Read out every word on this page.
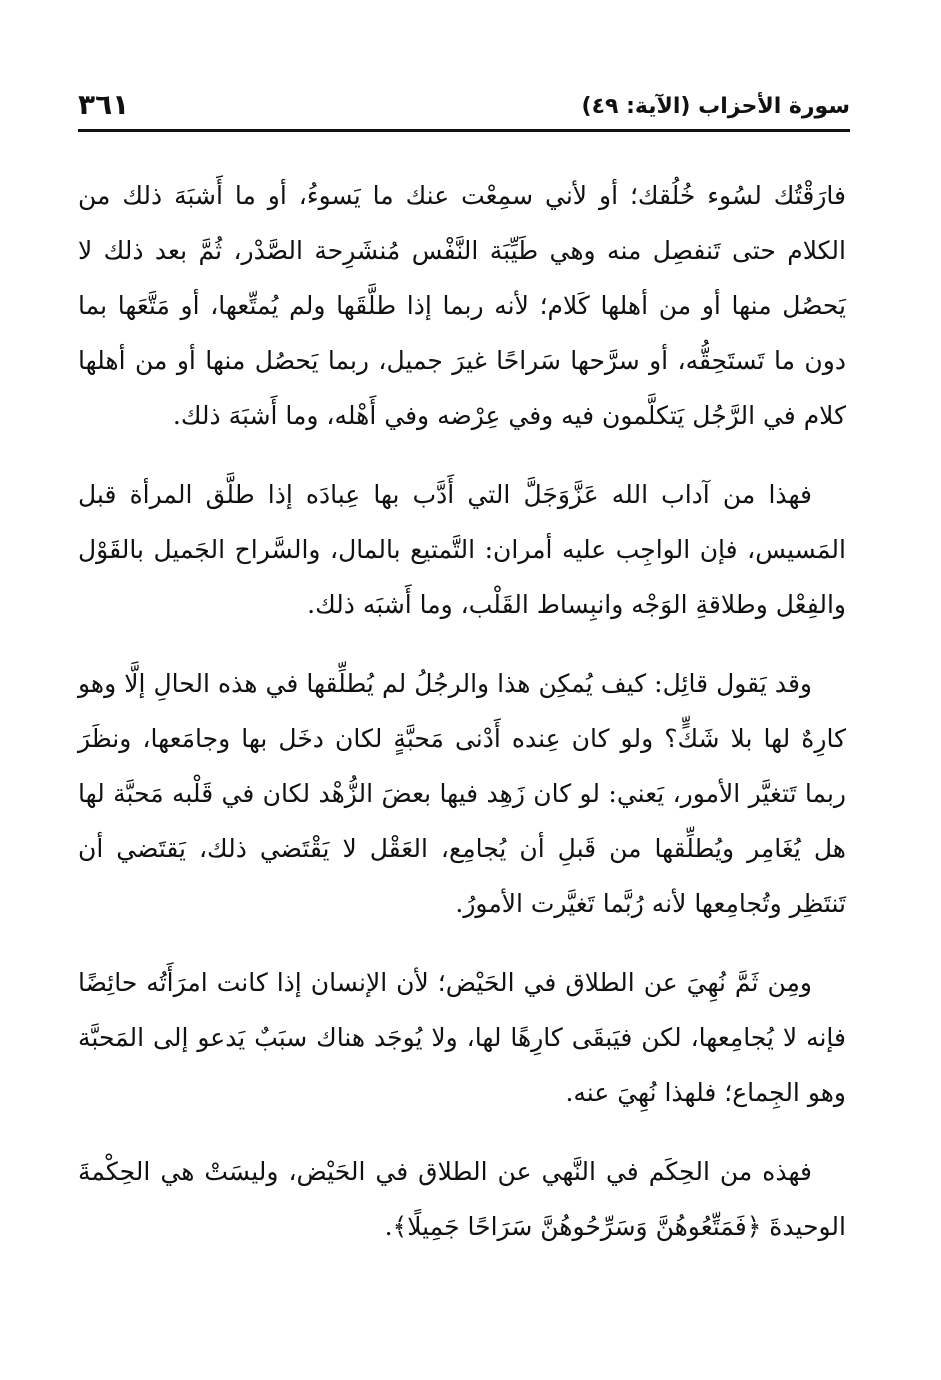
سورة الأحزاب (الآية: ٤٩)
٣٦١

فارَقْتُك لسُوء خُلُقك؛ أو لأني سمِعْت عنك ما يَسوءُ، أو ما أَشبَهَ ذلك من الكلام حتى تَنفصِل منه وهي طَيِّبَة النَّفْس مُنشَرِحة الصَّدْر، ثُمَّ بعد ذلك لا يَحصُل منها أو من أهلها كَلام؛ لأنه ربما إذا طلَّقَها ولم يُمتِّعها، أو مَتَّعَها بما دون ما تَستَحِقُّه، أو سرَّحها سَراحًا غيرَ جميل، ربما يَحصُل منها أو من أهلها كلام في الرَّجُل يَتكلَّمون فيه وفي عِرْضه وفي أَهْله، وما أَشبَهَ ذلك.

فهذا من آداب الله عَزَّوَجَلَّ التي أَدَّب بها عِبادَه إذا طلَّق المرأة قبل المَسيس، فإن الواجِب عليه أمران: التَّمتيع بالمال، والسَّراح الجَميل بالقَوْل والفِعْل وطلاقةِ الوَجْه وانبِساط القَلْب، وما أَشبَه ذلك.

وقد يَقول قائِل: كيف يُمكِن هذا والرجُلُ لم يُطلِّقها في هذه الحالِ إلَّا وهو كارِهٌ لها بلا شَكٍّ؟ ولو كان عِنده أَدْنى مَحبَّةٍ لكان دخَل بها وجامَعها، ونظَرَ ربما تَتغيَّر الأمور، يَعني: لو كان زَهِد فيها بعضَ الزُّهْد لكان في قَلْبه مَحبَّة لها هل يُغَامِر ويُطلِّقها من قَبلِ أن يُجامِع، العَقْل لا يَقْتَضي ذلك، يَقتَضي أن تَنتَظِر وتُجامِعها لأنه رُبَّما تَغيَّرت الأمورُ.

ومِن ثَمَّ نُهِيَ عن الطلاق في الحَيْض؛ لأن الإنسان إذا كانت امرَأَتُه حائِضًا فإنه لا يُجامِعها، لكن فيَبقَى كارِهًا لها، ولا يُوجَد هناك سبَبٌ يَدعو إلى المَحبَّة وهو الجِماع؛ فلهذا نُهِيَ عنه.

فهذه من الحِكَم في النَّهي عن الطلاق في الحَيْض، وليسَتْ هي الحِكْمةَ الوحيدةَ ﴿فَمَتِّعُوهُنَّ وَسَرِّحُوهُنَّ سَرَاحًا جَمِيلًا﴾.
